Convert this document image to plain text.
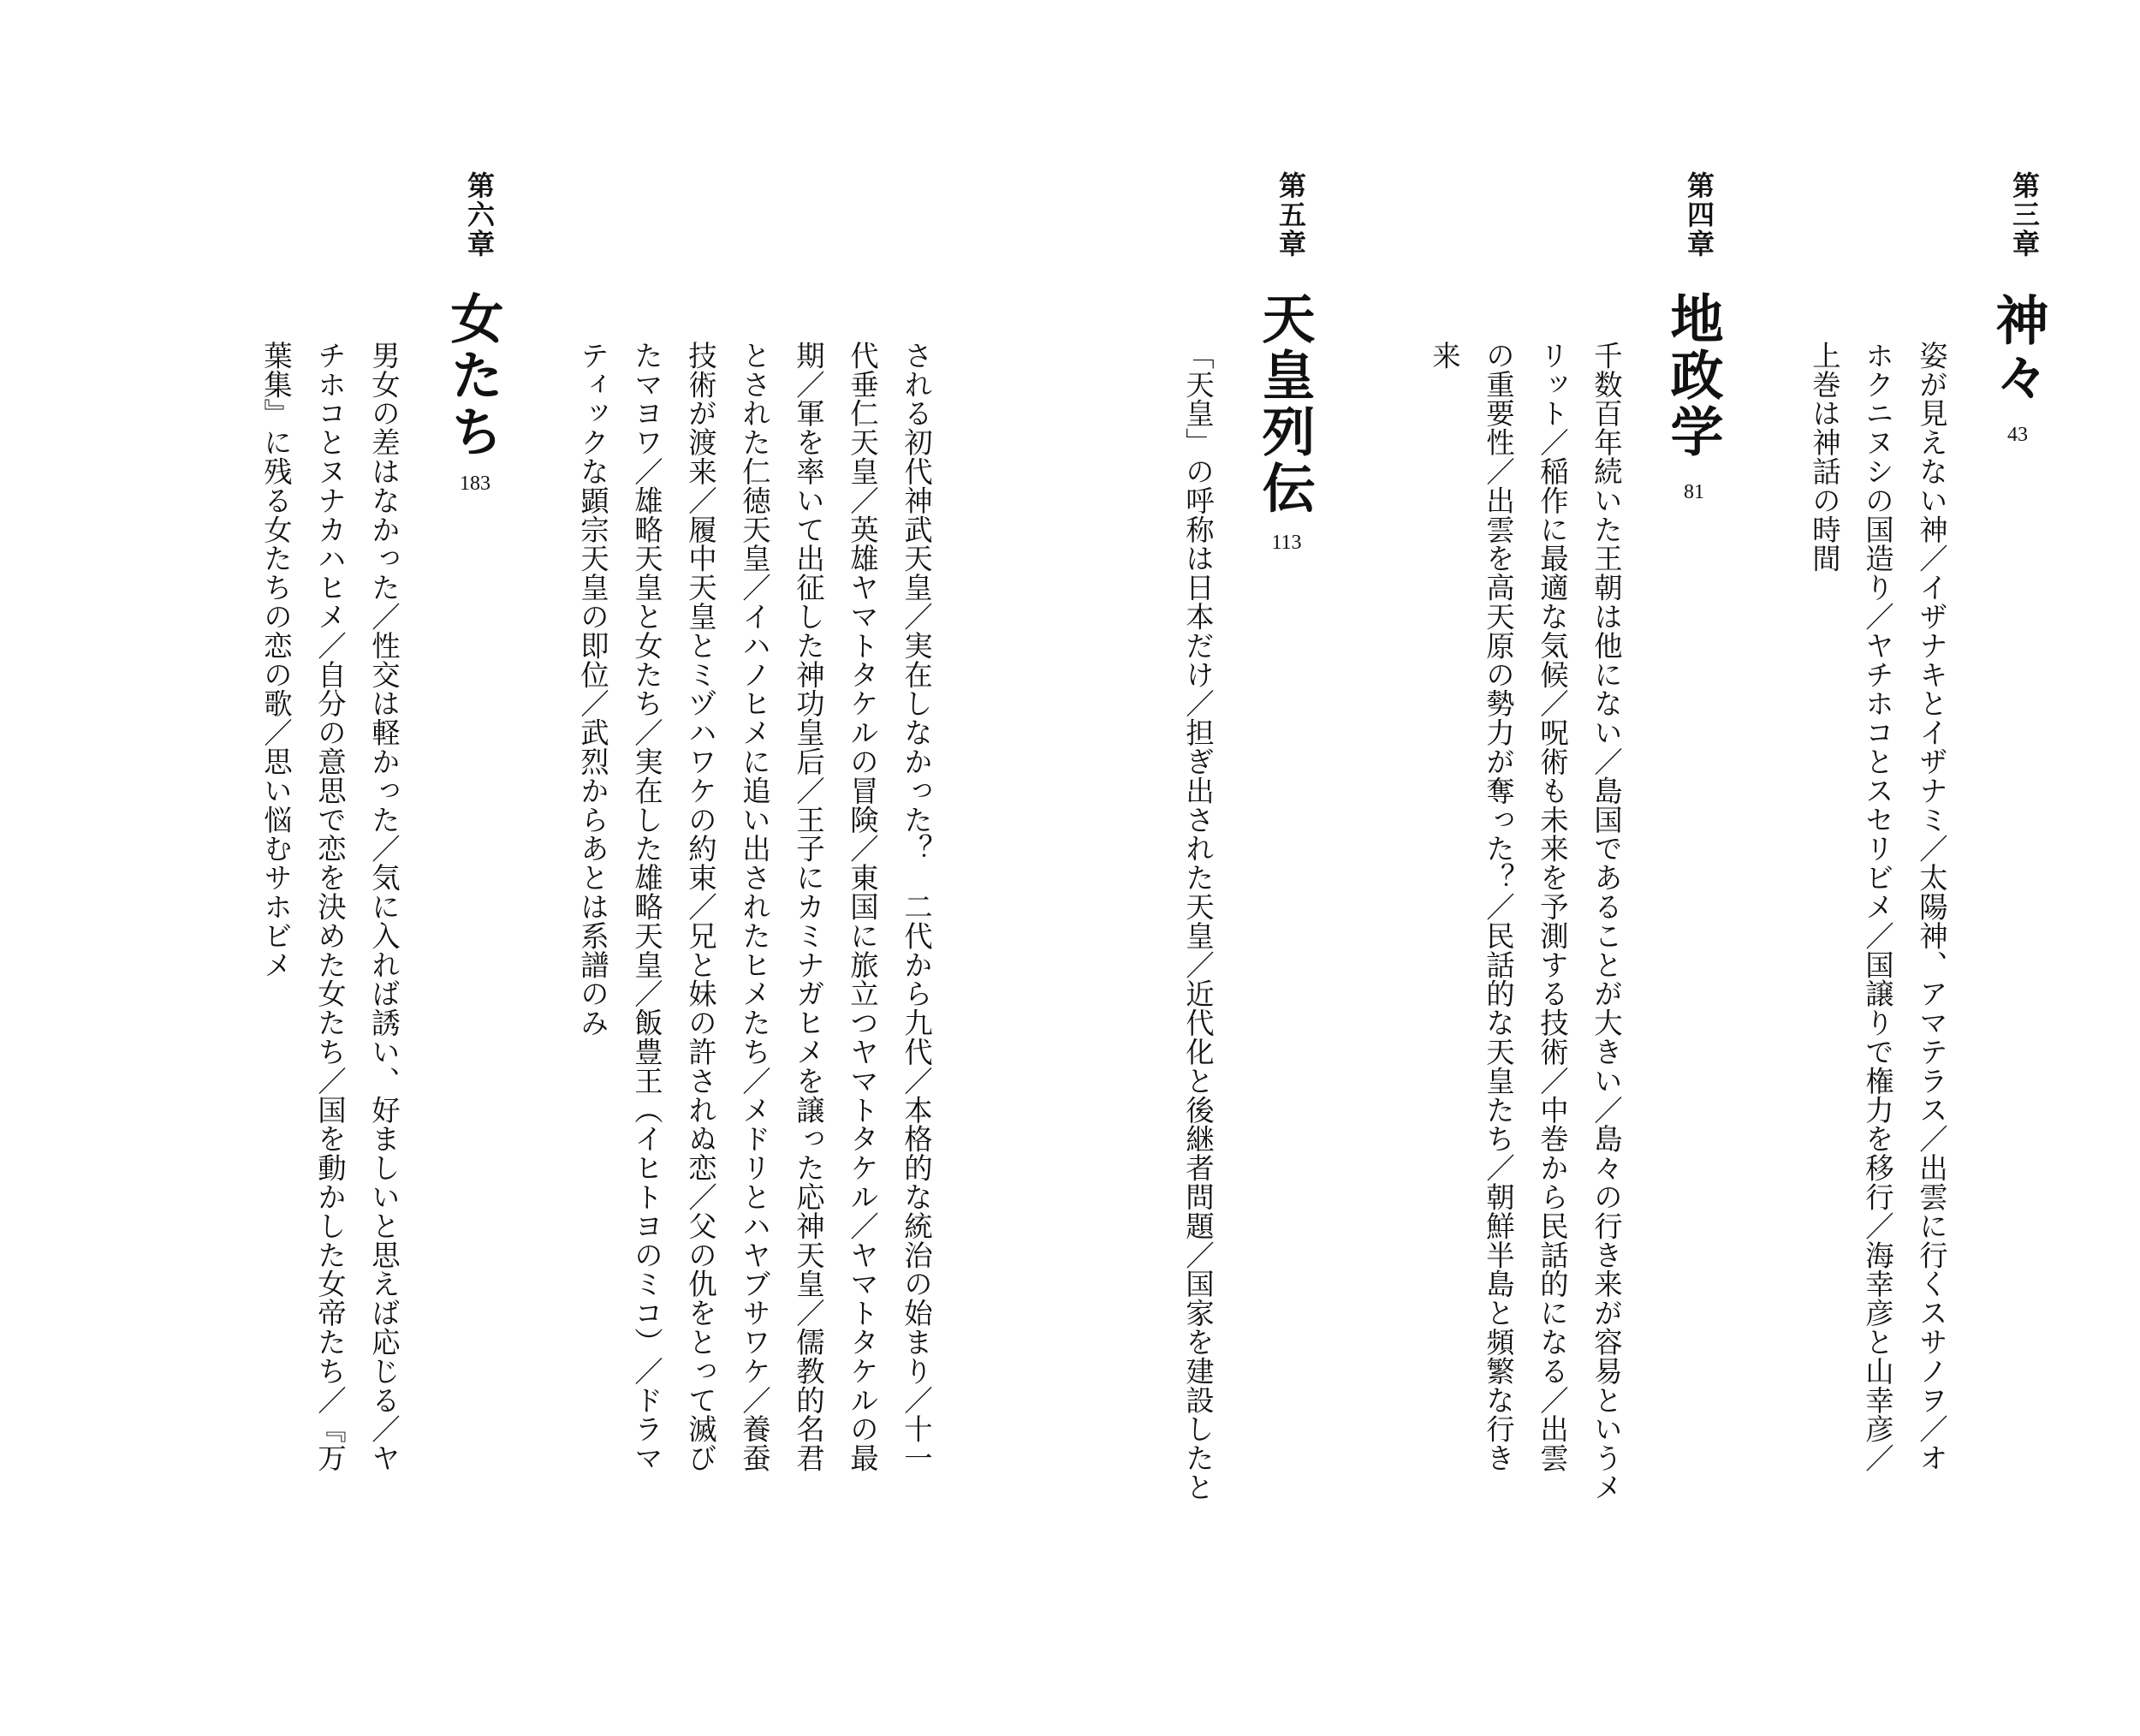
第三章
神々
43
姿が見えない神／イザナキとイザナミ／太陽神、アマテラス／出雲に行くスサノヲ／オ
ホクニヌシの国造り／ヤチホコとスセリビメ／国譲りで権力を移行／海幸彦と山幸彦／
上巻は神話の時間
第四章
地政学
81
千数百年続いた王朝は他にない／島国であることが大きい／島々の行き来が容易というメ
リット／稲作に最適な気候／呪術も未来を予測する技術／中巻から民話的になる／出雲
の重要性／出雲を高天原の勢力が奪った？／民話的な天皇たち／朝鮮半島と頻繁な行き
来
第五章
天皇列伝
113
「天皇」の呼称は日本だけ／担ぎ出された天皇／近代化と後継者問題／国家を建設したと
される初代神武天皇／実在しなかった？　二代から九代／本格的な統治の始まり／十一
代垂仁天皇／英雄ヤマトタケルの冒険／東国に旅立つヤマトタケル／ヤマトタケルの最
期／軍を率いて出征した神功皇后／王子にカミナガヒメを譲った応神天皇／儒教的名君
とされた仁徳天皇／イハノヒメに追い出されたヒメたち／メドリとハヤブサワケ／養蚕
技術が渡来／履中天皇とミヅハワケの約束／兄と妹の許されぬ恋／父の仇をとって滅び
たマヨワ／雄略天皇と女たち／実在した雄略天皇／飯豊王（イヒトヨのミコ）／ドラマ
ティックな顕宗天皇の即位／武烈からあとは系譜のみ
第六章
女たち
183
男女の差はなかった／性交は軽かった／気に入れば誘い、好ましいと思えば応じる／ヤ
チホコとヌナカハヒメ／自分の意思で恋を決めた女たち／国を動かした女帝たち／『万
葉集』に残る女たちの恋の歌／思い悩むサホビメ
